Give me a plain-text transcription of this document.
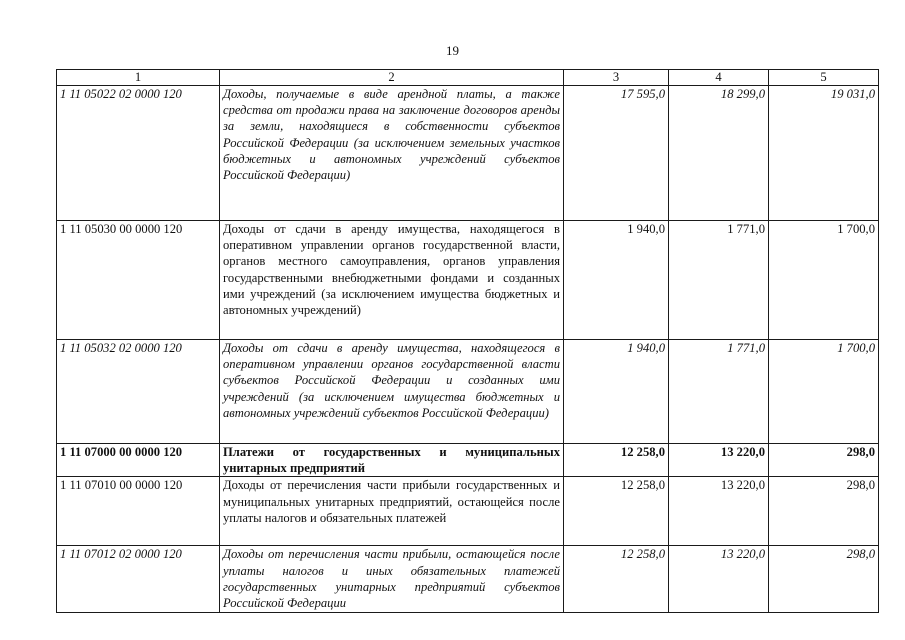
19
1	2	3	4	5
1 11 05022 02 0000 120	Доходы, получаемые в виде арендной платы, а также средства от продажи права на заключение договоров аренды за земли, находящиеся в собственности субъектов Российской Федерации (за исключением земельных участков бюджетных и автономных учреждений субъектов Российской Федерации)	17 595,0	18 299,0	19 031,0
1 11 05030 00 0000 120	Доходы от сдачи в аренду имущества, находящегося в оперативном управлении органов государственной власти, органов местного самоуправления, органов управления государственными внебюджетными фондами и созданных ими учреждений (за исключением имущества бюджетных и автономных учреждений)	1 940,0	1 771,0	1 700,0
1 11 05032 02 0000 120	Доходы от сдачи в аренду имущества, находящегося в оперативном управлении органов государственной власти субъектов Российской Федерации и созданных ими учреждений (за исключением имущества бюджетных и автономных учреждений субъектов Российской Федерации)	1 940,0	1 771,0	1 700,0
1 11 07000 00 0000 120	Платежи от государственных и муниципальных унитарных предприятий	12 258,0	13 220,0	298,0
1 11 07010 00 0000 120	Доходы от перечисления части прибыли государственных и муниципальных унитарных предприятий, остающейся после уплаты налогов и обязательных платежей	12 258,0	13 220,0	298,0
1 11 07012 02 0000 120	Доходы от перечисления части прибыли, остающейся после уплаты налогов и иных обязательных платежей государственных унитарных предприятий субъектов Российской Федерации	12 258,0	13 220,0	298,0
